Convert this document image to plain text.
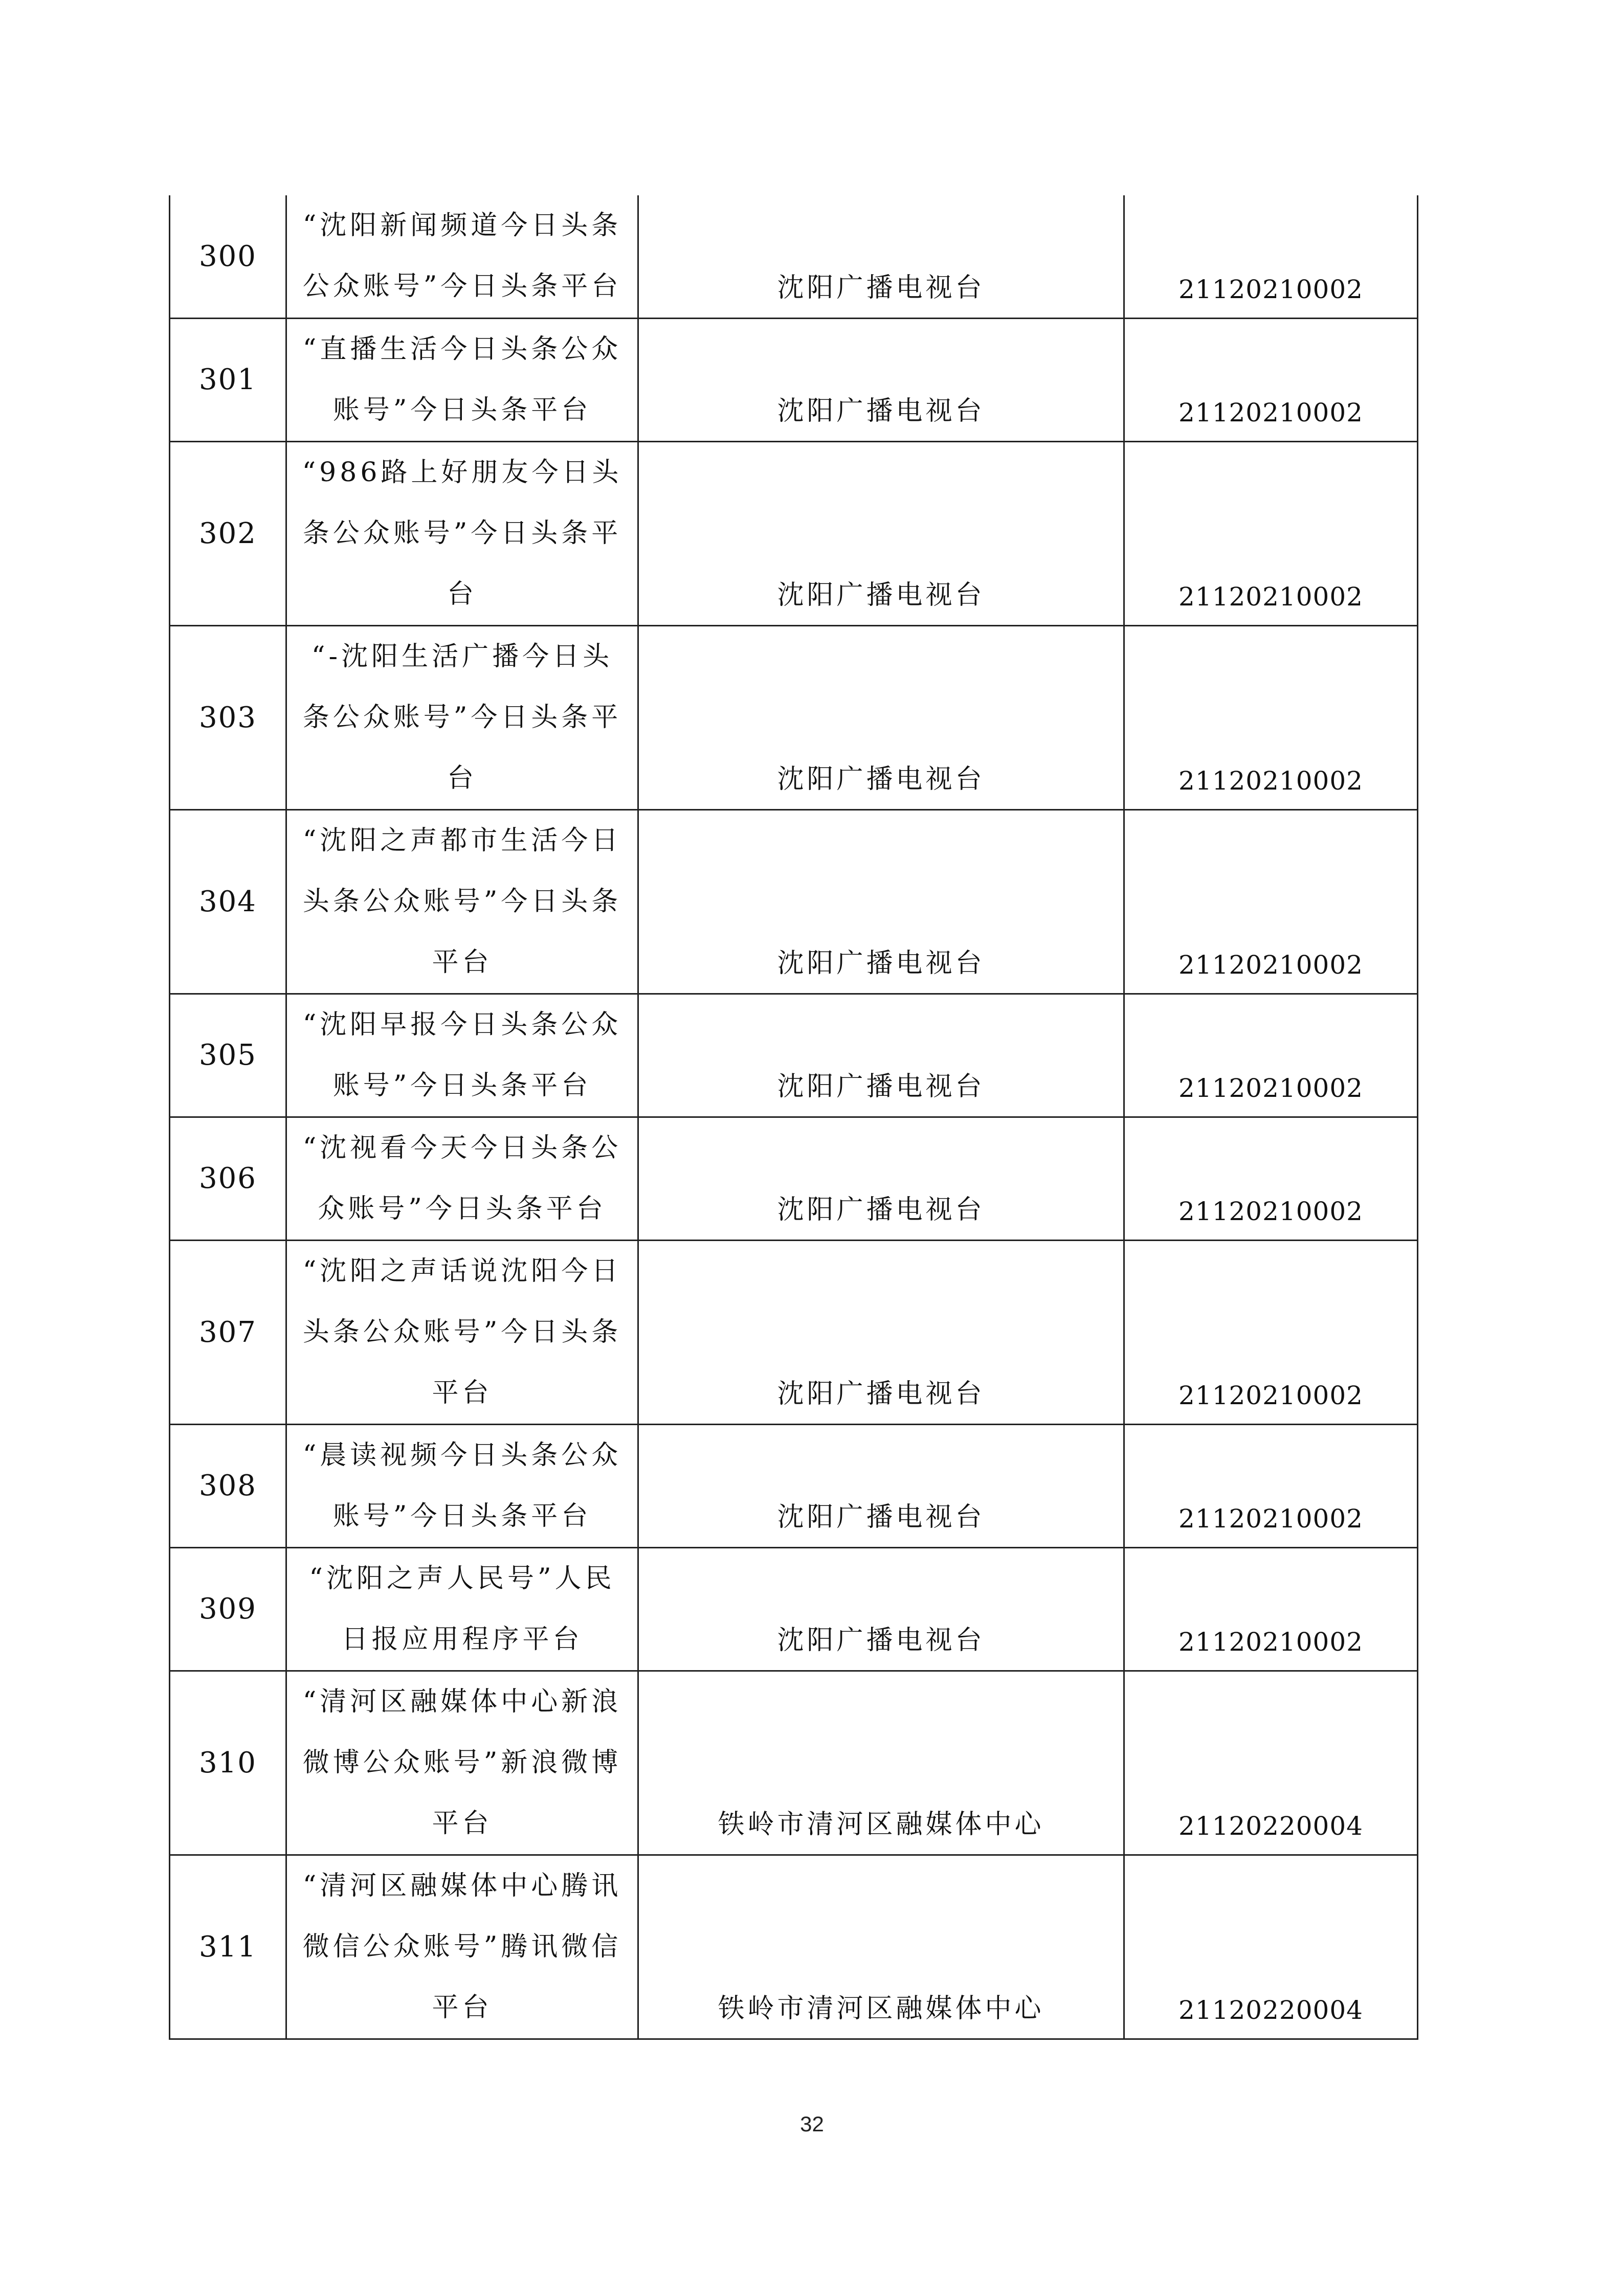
300	“沈阳新闻频道今日头条公众账号”今日头条平台	沈阳广播电视台	21120210002
301	“直播生活今日头条公众账号”今日头条平台	沈阳广播电视台	21120210002
302	“986路上好朋友今日头条公众账号”今日头条平台	沈阳广播电视台	21120210002
303	“-沈阳生活广播今日头条公众账号”今日头条平台	沈阳广播电视台	21120210002
304	“沈阳之声都市生活今日头条公众账号”今日头条平台	沈阳广播电视台	21120210002
305	“沈阳早报今日头条公众账号”今日头条平台	沈阳广播电视台	21120210002
306	“沈视看今天今日头条公众账号”今日头条平台	沈阳广播电视台	21120210002
307	“沈阳之声话说沈阳今日头条公众账号”今日头条平台	沈阳广播电视台	21120210002
308	“晨读视频今日头条公众账号”今日头条平台	沈阳广播电视台	21120210002
309	“沈阳之声人民号”人民日报应用程序平台	沈阳广播电视台	21120210002
310	“清河区融媒体中心新浪微博公众账号”新浪微博平台	铁岭市清河区融媒体中心	21120220004
311	“清河区融媒体中心腾讯微信公众账号”腾讯微信平台	铁岭市清河区融媒体中心	21120220004
32
